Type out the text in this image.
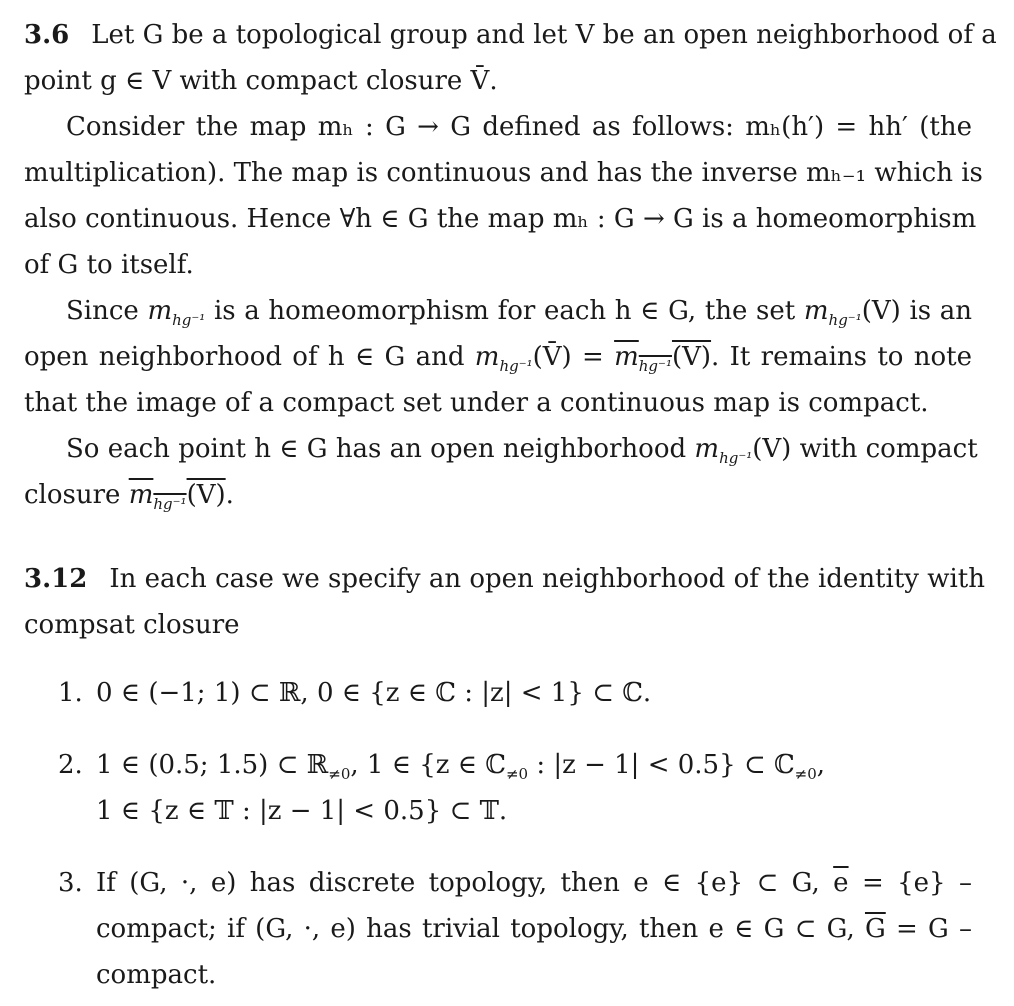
3.6 Let G be a topological group and let V be an open neighborhood of a
point g ∈ V with compact closure V̄.
Consider the map mₕ : G → G defined as follows: mₕ(h′) = hh′ (the
multiplication). The map is continuous and has the inverse mₕ₋₁ which is
also continuous. Hence ∀h ∈ G the map mₕ : G → G is a homeomorphism
of G to itself.
Since $m_{hg^{-1}}$ is a homeomorphism for each h ∈ G, the set $m_{hg^{-1}}(V)$ is an
open neighborhood of h ∈ G and $m_{hg^{-1}}(V̄) = m_{hg^{-1}}(V)$. It remains to note
that the image of a compact set under a continuous map is compact.
So each point h ∈ G has an open neighborhood $m_{hg^{-1}}(V)$ with compact
closure $m_{hg^{-1}}(V)$.
3.12 In each case we specify an open neighborhood of the identity with
compsat closure
1. 0 ∈ (−1; 1) ⊂ ℝ, 0 ∈ {z ∈ ℂ : |z| < 1} ⊂ ℂ.
2. 1 ∈ (0.5; 1.5) ⊂ ℝ$_{\ne 0}$, 1 ∈ {z ∈ ℂ$_{\ne 0}$ : |z − 1| < 0.5} ⊂ ℂ$_{\ne 0}$,
1 ∈ {z ∈ 𝕋 : |z − 1| < 0.5} ⊂ 𝕋.
3. If (G, ·, e) has discrete topology, then e ∈ {e} ⊂ G, $\overline{e} = \{e\}$ –
compact; if (G, ·, e) has trivial topology, then e ∈ G ⊂ G, $\overline{G} = G$ –
compact.
